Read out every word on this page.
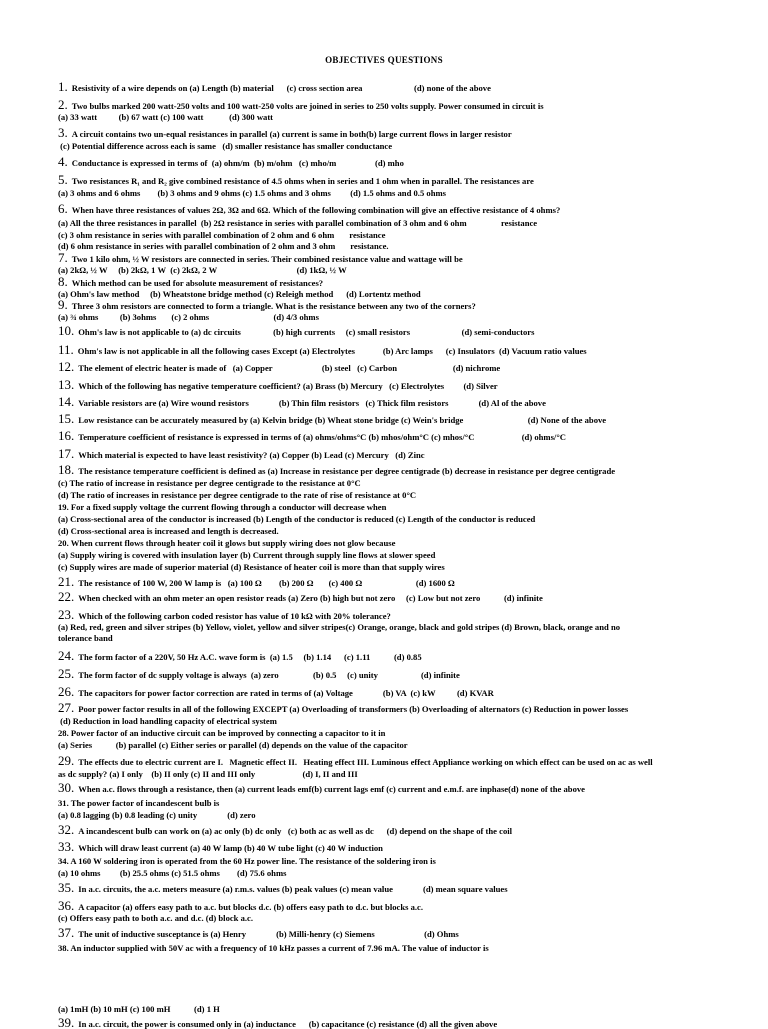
OBJECTIVES QUESTIONS
1. Resistivity of a wire depends on (a) Length (b) material      (c) cross section area                        (d) none of the above
2. Two bulbs marked 200 watt-250 volts and 100 watt-250 volts are joined in series to 250 volts supply. Power consumed in circuit is
(a) 33 watt          (b) 67 watt (c) 100 watt            (d) 300 watt
3. A circuit contains two un-equal resistances in parallel (a) current is same in both(b) large current flows in larger resistor
(c) Potential difference across each is same   (d) smaller resistance has smaller conductance
4. Conductance is expressed in terms of  (a) ohm/m  (b) m/ohm   (c) mho/m                  (d) mho
5. Two resistances R₁ and R₂ give combined resistance of 4.5 ohms when in series and 1 ohm when in parallel. The resistances are
(a) 3 ohms and 6 ohms        (b) 3 ohms and 9 ohms (c) 1.5 ohms and 3 ohms         (d) 1.5 ohms and 0.5 ohms
6. When have three resistances of values 2Ω, 3Ω and 6Ω. Which of the following combination will give an effective resistance of 4 ohms?
(a) All the three resistances in parallel  (b) 2Ω resistance in series with parallel combination of 3 ohm and 6 ohm                resistance
(c) 3 ohm resistance in series with parallel combination of 2 ohm and 6 ohm       resistance
(d) 6 ohm resistance in series with parallel combination of 2 ohm and 3 ohm       resistance.
7. Two 1 kilo ohm, ½ W resistors are connected in series. Their combined resistance value and wattage will be
(a) 2kΩ, ½ W     (b) 2kΩ, 1 W  (c) 2kΩ, 2 W                                     (d) 1kΩ, ½ W
8. Which method can be used for absolute measurement of resistances?
(a) Ohm's law method     (b) Wheatstone bridge method (c) Releigh method      (d) Lortentz method
9. Three 3 ohm resistors are connected to form a triangle. What is the resistance between any two of the corners?
(a) ¾ ohms          (b) 3ohms       (c) 2 ohms                              (d) 4/3 ohms
10. Ohm's law is not applicable to (a) dc circuits               (b) high currents     (c) small resistors                        (d) semi-conductors
11. Ohm's law is not applicable in all the following cases Except (a) Electrolytes             (b) Arc lamps      (c) Insulators  (d) Vacuum ratio values
12. The element of electric heater is made of   (a) Copper                       (b) steel   (c) Carbon                          (d) nichrome
13. Which of the following has negative temperature coefficient? (a) Brass (b) Mercury   (c) Electrolytes         (d) Silver
14. Variable resistors are (a) Wire wound resistors              (b) Thin film resistors   (c) Thick film resistors              (d) Al of the above
15. Low resistance can be accurately measured by (a) Kelvin bridge (b) Wheat stone bridge (c) Wein's bridge                              (d) None of the above
16. Temperature coefficient of resistance is expressed in terms of (a) ohms/ohms°C (b) mhos/ohm°C (c) mhos/°C                      (d) ohms/°C
17. Which material is expected to have least resistivity? (a) Copper (b) Lead (c) Mercury   (d) Zinc
18. The resistance temperature coefficient is defined as (a) Increase in resistance per degree centigrade (b) decrease in resistance per degree centigrade
(c) The ratio of increase in resistance per degree centigrade to the resistance at 0°C
(d) The ratio of increases in resistance per degree centigrade to the rate of rise of resistance at 0°C
19. For a fixed supply voltage the current flowing through a conductor will decrease when
(a) Cross-sectional area of the conductor is increased (b) Length of the conductor is reduced (c) Length of the conductor is reduced
(d) Cross-sectional area is increased and length is decreased.
20. When current flows through heater coil it glows but supply wiring does not glow because
(a) Supply wiring is covered with insulation layer (b) Current through supply line flows at slower speed
(c) Supply wires are made of superior material (d) Resistance of heater coil is more than that supply wires
21. The resistance of 100 W, 200 W lamp is   (a) 100 Ω        (b) 200 Ω       (c) 400 Ω                         (d) 1600 Ω
22. When checked with an ohm meter an open resistor reads (a) Zero (b) high but not zero     (c) Low but not zero           (d) infinite
23. Which of the following carbon coded resistor has value of 10 kΩ with 20% tolerance?
(a) Red, red, green and silver stripes (b) Yellow, violet, yellow and silver stripes(c) Orange, orange, black and gold stripes (d) Brown, black, orange and no
tolerance band
24. The form factor of a 220V, 50 Hz A.C. wave form is  (a) 1.5     (b) 1.14      (c) 1.11           (d) 0.85
25. The form factor of dc supply voltage is always  (a) zero                (b) 0.5     (c) unity                    (d) infinite
26. The capacitors for power factor correction are rated in terms of (a) Voltage              (b) VA  (c) kW          (d) KVAR
27. Poor power factor results in all of the following EXCEPT (a) Overloading of transformers (b) Overloading of alternators (c) Reduction in power losses
(d) Reduction in load handling capacity of electrical system
28. Power factor of an inductive circuit can be improved by connecting a capacitor to it in
(a) Series           (b) parallel (c) Either series or parallel (d) depends on the value of the capacitor
29. The effects due to electric current are I.   Magnetic effect II.   Heating effect III. Luminous effect Appliance working on which effect can be used on ac as well
as dc supply? (a) I only    (b) II only (c) II and III only                      (d) I, II and III
30. When a.c. flows through a resistance, then (a) current leads emf(b) current lags emf (c) current and e.m.f. are inphase(d) none of the above
31. The power factor of incandescent bulb is
(a) 0.8 lagging (b) 0.8 leading (c) unity              (d) zero
32. A incandescent bulb can work on (a) ac only (b) dc only   (c) both ac as well as dc      (d) depend on the shape of the coil
33. Which will draw least current (a) 40 W lamp (b) 40 W tube light (c) 40 W induction
34. A 160 W soldering iron is operated from the 60 Hz power line. The resistance of the soldering iron is
(a) 10 ohms         (b) 25.5 ohms (c) 51.5 ohms        (d) 75.6 ohms
35. In a.c. circuits, the a.c. meters measure (a) r.m.s. values (b) peak values (c) mean value              (d) mean square values
36. A capacitor (a) offers easy path to a.c. but blocks d.c. (b) offers easy path to d.c. but blocks a.c.
(c) Offers easy path to both a.c. and d.c. (d) block a.c.
37. The unit of inductive susceptance is (a) Henry              (b) Milli-henry (c) Siemens                       (d) Ohms
38. An inductor supplied with 50V ac with a frequency of 10 kHz passes a current of 7.96 mA. The value of inductor is
(a) 1mH (b) 10 mH (c) 100 mH           (d) 1 H
39. In a.c. circuit, the power is consumed only in (a) inductance      (b) capacitance (c) resistance (d) all the given above
